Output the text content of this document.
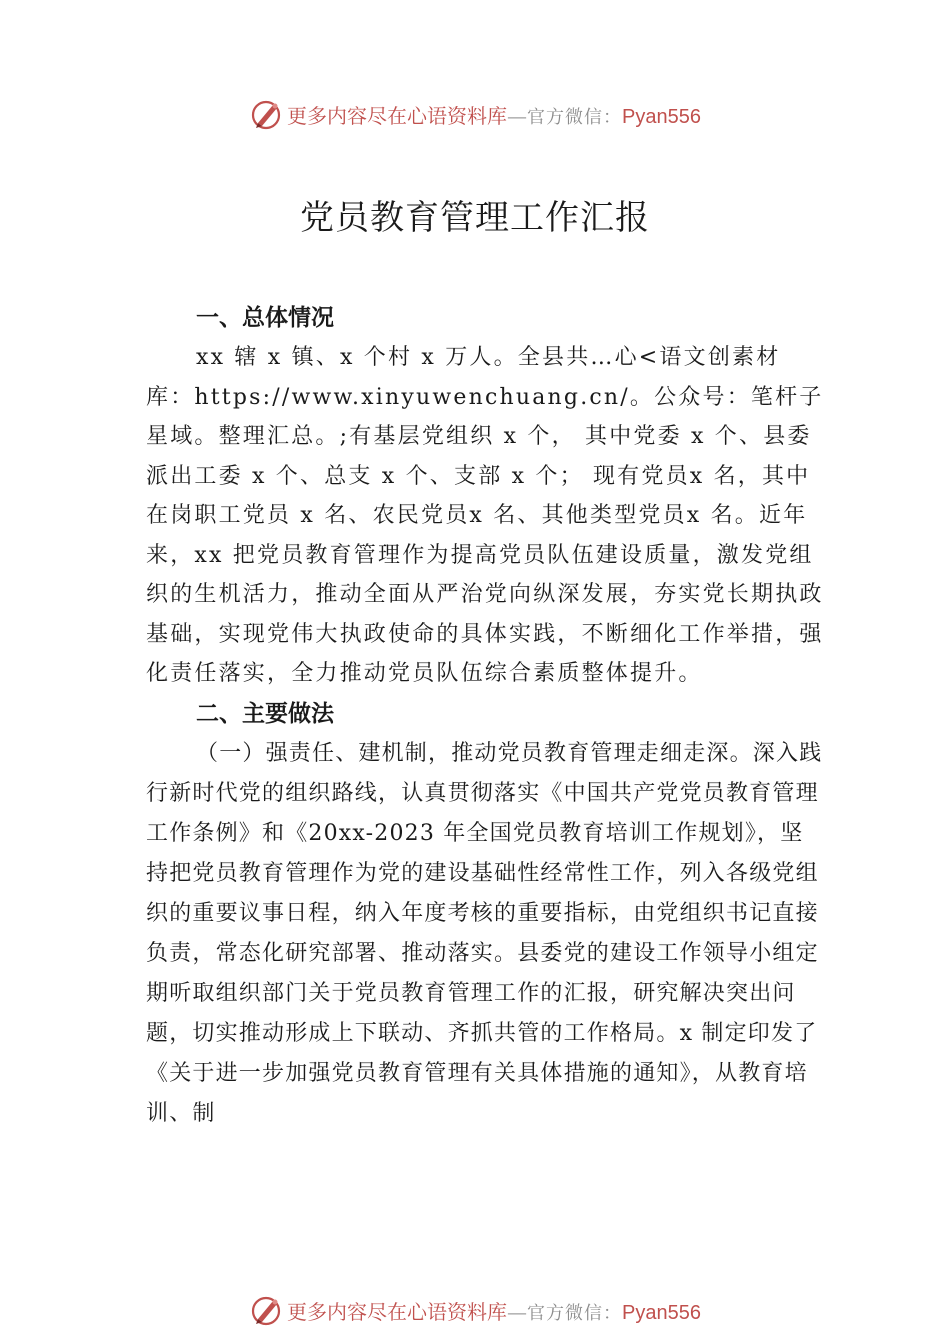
更多内容尽在心语资料库—官方微信：Pyan556
党员教育管理工作汇报

一、总体情况

xx 辖 x 镇、x 个村 x 万人。全县共…心<语文创素材库：https://www.xinyuwenchuang.cn/。公众号：笔杆子星域。整理汇总。;有基层党组织 x 个， 其中党委 x 个、县委派出工委 x 个、总支 x 个、支部 x 个； 现有党员x 名，其中在岗职工党员 x 名、农民党员x 名、其他类型党员x 名。近年来，xx 把党员教育管理作为提高党员队伍建设质量，激发党组织的生机活力，推动全面从严治党向纵深发展，夯实党长期执政基础，实现党伟大执政使命的具体实践，不断细化工作举措，强化责任落实，全力推动党员队伍综合素质整体提升。

二、主要做法

（一）强责任、建机制，推动党员教育管理走细走深。深入践行新时代党的组织路线，认真贯彻落实《中国共产党党员教育管理工作条例》和《20xx-2023 年全国党员教育培训工作规划》，坚持把党员教育管理作为党的建设基础性经常性工作，列入各级党组织的重要议事日程，纳入年度考核的重要指标，由党组织书记直接负责，常态化研究部署、推动落实。县委党的建设工作领导小组定期听取组织部门关于党员教育管理工作的汇报，研究解决突出问题，切实推动形成上下联动、齐抓共管的工作格局。x 制定印发了《关于进一步加强党员教育管理有关具体措施的通知》，从教育培训、制

更多内容尽在心语资料库—官方微信：Pyan556
